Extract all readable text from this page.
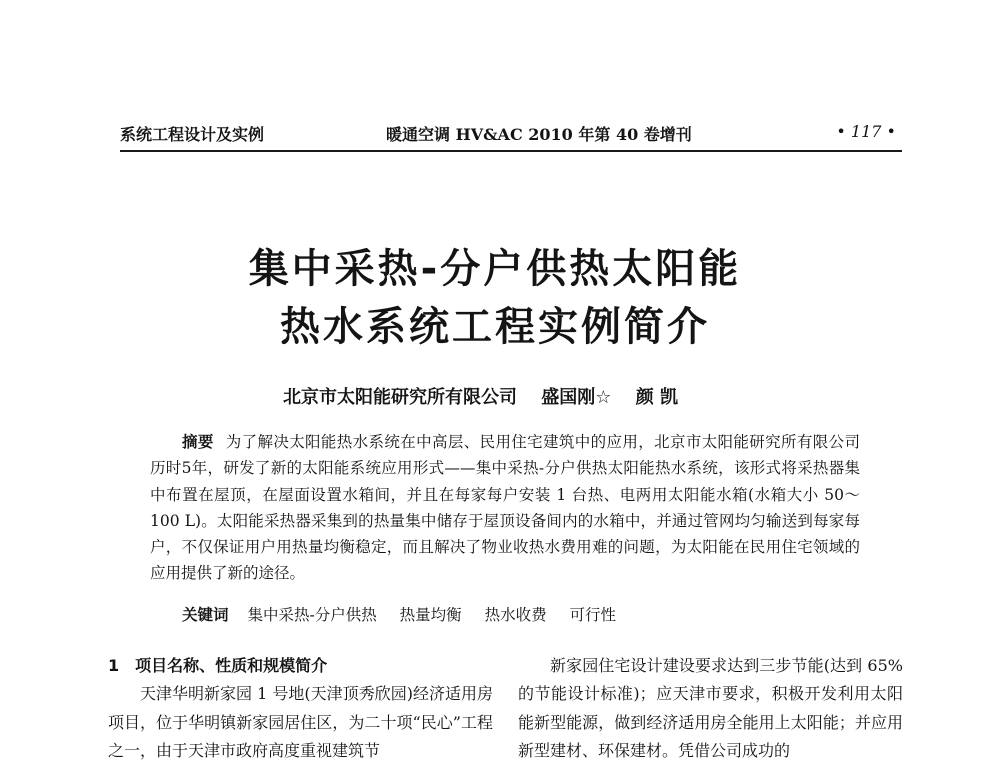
系统工程设计及实例	暖通空调 HV&AC 2010 年第 40 卷增刊	• 117 •
集中采热-分户供热太阳能
热水系统工程实例简介
北京市太阳能研究所有限公司 盛国刚☆ 颜 凯
摘要 为了解决太阳能热水系统在中高层、民用住宅建筑中的应用，北京市太阳能研究所有限公司历时5年，研发了新的太阳能系统应用形式——集中采热-分户供热太阳能热水系统，该形式将采热器集中布置在屋顶，在屋面设置水箱间，并且在每家每户安装 1 台热、电两用太阳能水箱(水箱大小 50～100 L)。太阳能采热器采集到的热量集中储存于屋顶设备间内的水箱中，并通过管网均匀输送到每家每户，不仅保证用户用热量均衡稳定，而且解决了物业收热水费用难的问题，为太阳能在民用住宅领域的应用提供了新的途径。
关键词 集中采热-分户供热 热量均衡 热水收费 可行性
1 项目名称、性质和规模简介

天津华明新家园 1 号地(天津顶秀欣园)经济适用房项目，位于华明镇新家园居住区，为二十项“民心”工程之一，由于天津市政府高度重视建筑节

新家园住宅设计建设要求达到三步节能(达到 65%的节能设计标准)；应天津市要求，积极开发利用太阳能新型能源，做到经济适用房全能用上太阳能；并应用新型建材、环保建材。凭借公司成功的
